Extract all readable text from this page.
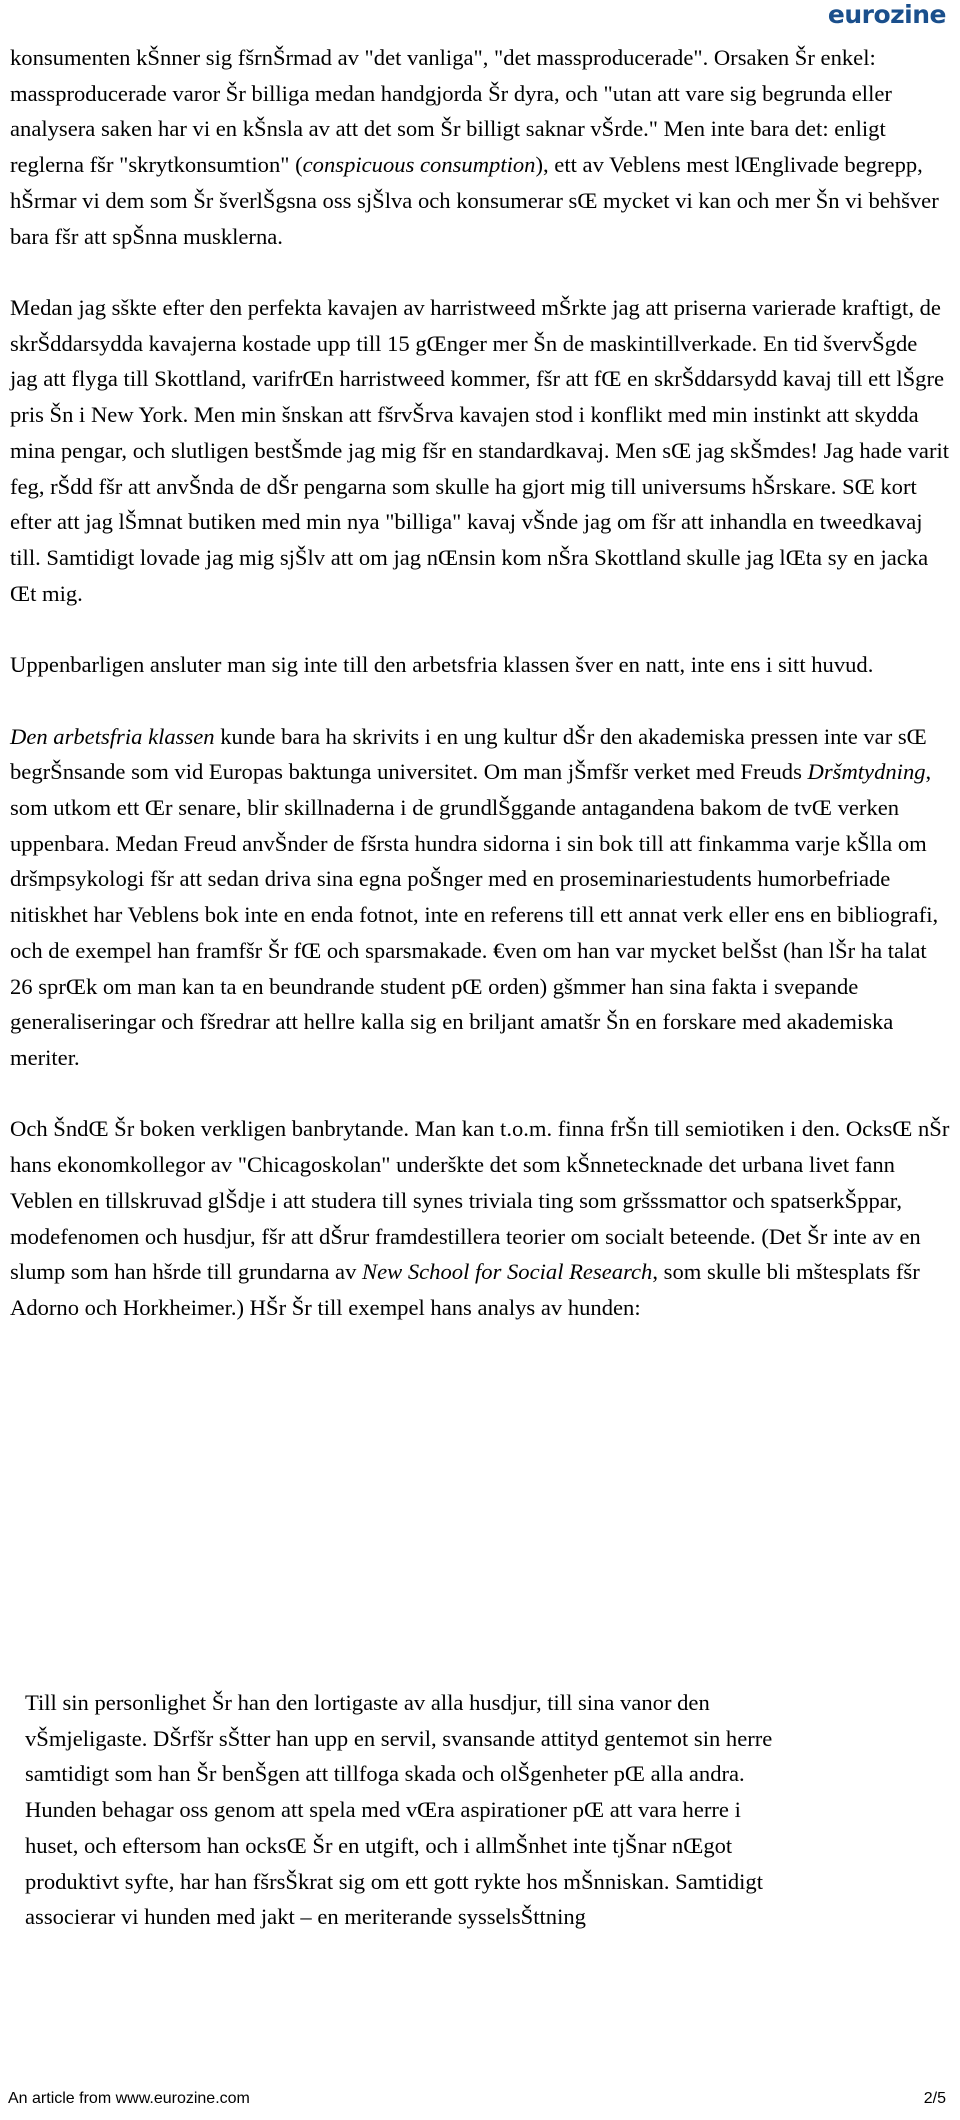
eurozine

konsumenten kŠnner sig fšrnŠrmad av "det vanliga", "det massproducerade". Orsaken Šr enkel: massproducerade varor Šr billiga medan handgjorda Šr dyra, och "utan att vare sig begrunda eller analysera saken har vi en kŠnsla av att det som Šr billigt saknar vŠrde." Men inte bara det: enligt reglerna fšr "skrytkonsumtion" (conspicuous consumption), ett av Veblens mest lŒnglivade begrepp, hŠrmar vi dem som Šr šverlŠgsna oss sjŠlva och konsumerar sŒ mycket vi kan och mer Šn vi behšver bara fšr att spŠnna musklerna.

Medan jag sškte efter den perfekta kavajen av harristweed mŠrkte jag att priserna varierade kraftigt, de skrŠddarsydda kavajerna kostade upp till 15 gŒnger mer Šn de maskintillverkade. En tid švervŠgde jag att flyga till Skottland, varifrŒn harristweed kommer, fšr att fŒ en skrŠddarsydd kavaj till ett lŠgre pris Šn i New York. Men min šnskan att fšrvŠrva kavajen stod i konflikt med min instinkt att skydda mina pengar, och slutligen bestŠmde jag mig fšr en standardkavaj. Men sŒ jag skŠmdes! Jag hade varit feg, rŠdd fšr att anvŠnda de dŠr pengarna som skulle ha gjort mig till universums hŠrskare. SŒ kort efter att jag lŠmnat butiken med min nya "billiga" kavaj vŠnde jag om fšr att inhandla en tweedkavaj till. Samtidigt lovade jag mig sjŠlv att om jag nŒnsin kom nŠra Skottland skulle jag lŒta sy en jacka Œt mig.

Uppenbarligen ansluter man sig inte till den arbetsfria klassen šver en natt, inte ens i sitt huvud.

Den arbetsfria klassen kunde bara ha skrivits i en ung kultur dŠr den akademiska pressen inte var sŒ begrŠnsande som vid Europas baktunga universitet. Om man jŠmfšr verket med Freuds Dršmtydning, som utkom ett Œr senare, blir skillnaderna i de grundlŠggande antagandena bakom de tvŒ verken uppenbara. Medan Freud anvŠnder de fšrsta hundra sidorna i sin bok till att finkamma varje kŠlla om dršmpsykologi fšr att sedan driva sina egna poŠnger med en proseminariestudents humorbefriade nitiskhet har Veblens bok inte en enda fotnot, inte en referens till ett annat verk eller ens en bibliografi, och de exempel han framfšr Šr fŒ och sparsmakade. €ven om han var mycket belŠst (han lŠr ha talat 26 sprŒk om man kan ta en beundrande student pŒ orden) gšmmer han sina fakta i svepande generaliseringar och fšredrar att hellre kalla sig en briljant amatšr Šn en forskare med akademiska meriter.

Och ŠndŒ Šr boken verkligen banbrytande. Man kan t.o.m. finna frŠn till semiotiken i den. OcksŒ nŠr hans ekonomkollegor av "Chicagoskolan" underškte det som kŠnnetecknade det urbana livet fann Veblen en tillskruvad glŠdje i att studera till synes triviala ting som gršssmattor och spatserkŠppar, modefenomen och husdjur, fšr att dŠrur framdestillera teorier om socialt beteende. (Det Šr inte av en slump som han hšrde till grundarna av New School for Social Research, som skulle bli mštesplats fšr Adorno och Horkheimer.) HŠr Šr till exempel hans analys av hunden:

Till sin personlighet Šr han den lortigaste av alla husdjur, till sina vanor den vŠmjeligaste. DŠrfšr sŠtter han upp en servil, svansande attityd gentemot sin herre samtidigt som han Šr benŠgen att tillfoga skada och olŠgenheter pŒ alla andra. Hunden behagar oss genom att spela med vŒra aspirationer pŒ att vara herre i huset, och eftersom han ocksŒ Šr en utgift, och i allmŠnhet inte tjŠnar nŒgot produktivt syfte, har han fšrsŠkrat sig om ett gott rykte hos mŠnniskan. Samtidigt associerar vi hunden med jakt – en meriterande sysselsŠttning
An article from www.eurozine.com	2/5
